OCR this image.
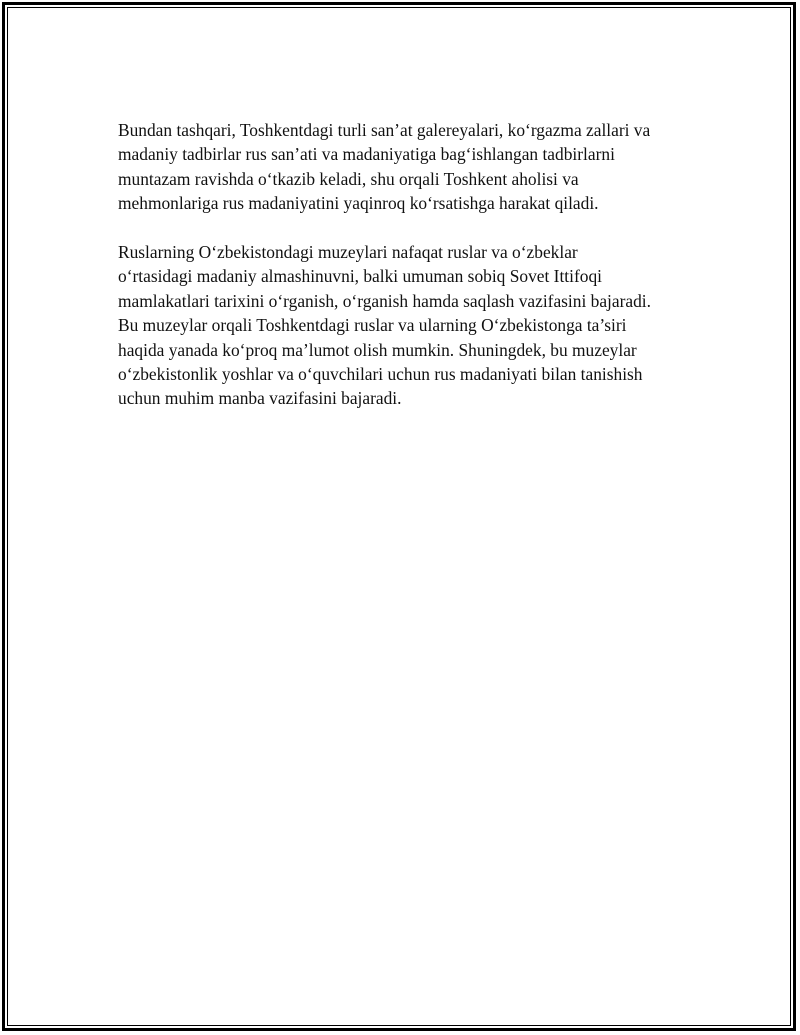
Bundan tashqari, Toshkentdagi turli san’at galereyalari, ko‘rgazma zallari va
madaniy tadbirlar rus san’ati va madaniyatiga bag‘ishlangan tadbirlarni
muntazam ravishda o‘tkazib keladi, shu orqali Toshkent aholisi va
mehmonlariga rus madaniyatini yaqinroq ko‘rsatishga harakat qiladi.

Ruslarning O‘zbekistondagi muzeylari nafaqat ruslar va o‘zbeklar
o‘rtasidagi madaniy almashinuvni, balki umuman sobiq Sovet Ittifoqi
mamlakatlari tarixini o‘rganish, o‘rganish hamda saqlash vazifasini bajaradi.
Bu muzeylar orqali Toshkentdagi ruslar va ularning O‘zbekistonga ta’siri
haqida yanada ko‘proq ma’lumot olish mumkin. Shuningdek, bu muzeylar
o‘zbekistonlik yoshlar va o‘quvchilari uchun rus madaniyati bilan tanishish
uchun muhim manba vazifasini bajaradi.
